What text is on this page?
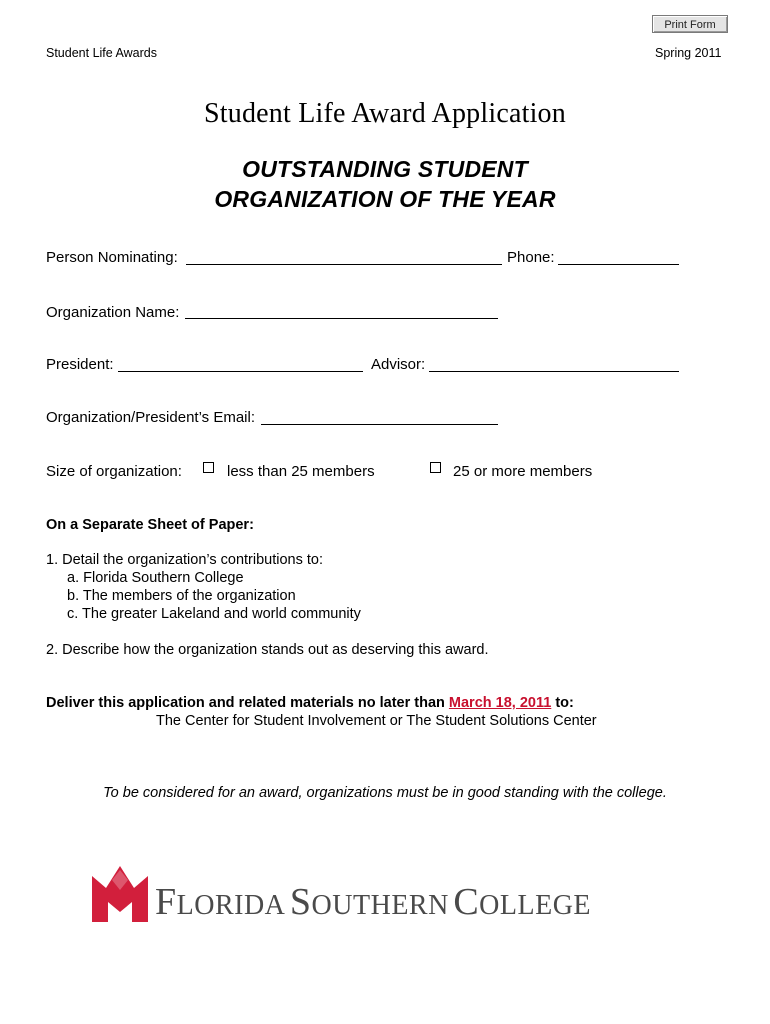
Print Form
Student Life Awards	Spring 2011
Student Life Award Application
OUTSTANDING STUDENT
ORGANIZATION OF THE YEAR
Person Nominating:	Phone:
Organization Name:
President:	Advisor:
Organization/President’s Email:
Size of organization:	less than 25 members	25 or more members
On a Separate Sheet of Paper:
1. Detail the organization’s contributions to:
a. Florida Southern College
b. The members of the organization
c. The greater Lakeland and world community
2. Describe how the organization stands out as deserving this award.
Deliver this application and related materials no later than March 18, 2011 to:
The Center for Student Involvement or The Student Solutions Center
To be considered for an award, organizations must be in good standing with the college.
FLORIDA SOUTHERN COLLEGE
